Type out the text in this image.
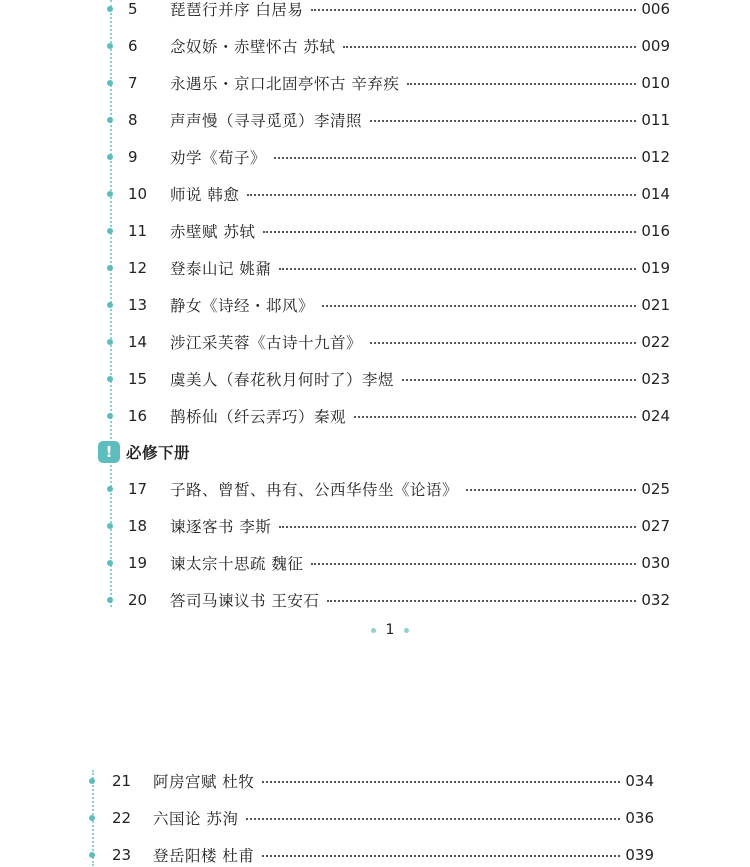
5	琵琶行并序 白居易	006
6	念奴娇・赤壁怀古 苏轼	009
7	永遇乐・京口北固亭怀古 辛弃疾	010
8	声声慢（寻寻觅觅）李清照	011
9	劝学《荀子》	012
10	师说 韩愈	014
11	赤壁赋 苏轼	016
12	登泰山记 姚鼐	019
13	静女《诗经・邶风》	021
14	涉江采芙蓉《古诗十九首》	022
15	虞美人（春花秋月何时了）李煜	023
16	鹊桥仙（纤云弄巧）秦观	024
17	子路、曾皙、冉有、公西华侍坐《论语》	025
18	谏逐客书 李斯	027
19	谏太宗十思疏 魏征	030
20	答司马谏议书 王安石	032
21	阿房宫赋 杜牧	034
22	六国论 苏洵	036
23	登岳阳楼 杜甫	039
! 必修下册
1
